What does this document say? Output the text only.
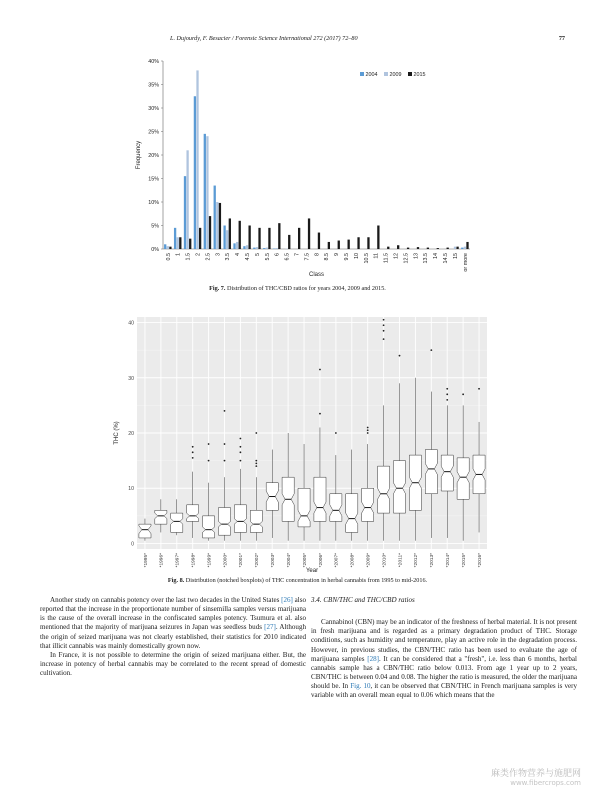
L. Dujourdy, F. Besacier / Forensic Science International 272 (2017) 72–80	77
0%
5%
10%
15%
20%
25%
30%
35%
40%
0.5 1 1.5 2 2.5 3 3.5 4 4.5 5 5.5 6 6.5 7 7.5 8 8.5 9 9.5 10 10.5 11 11.5 12 12.5 13 13.5 14 14.5 15 or more
Class
Frequency
2004 2009 2015
Fig. 7. Distribution of THC/CBD ratios for years 2004, 2009 and 2015.
0
10
20
30
40
*1995* *1996* *1997* *1998* *1999* *2000* *2001* *2002* *2003* *2004* *2005* *2006* *2007* *2008* *2009* *2010* *2011* *2012* *2013* *2014* *2015* *2016*
Year
THC (%)
Fig. 8. Distribution (notched boxplots) of THC concentration in herbal cannabis from 1995 to mid-2016.

Another study on cannabis potency over the last two decades in the United States [26] also reported that the increase in the proportionate number of sinsemilla samples versus marijuana is the cause of the overall increase in the confiscated samples potency. Tsumura et al. also mentioned that the majority of marijuana seizures in Japan was seedless buds [27]. Although the origin of seized marijuana was not clearly established, their statistics for 2010 indicated that illicit cannabis was mainly domestically grown now.

In France, it is not possible to determine the origin of seized marijuana either. But, the increase in potency of herbal cannabis may be correlated to the recent spread of domestic cultivation.

3.4. CBN/THC and THC/CBD ratios

Cannabinol (CBN) may be an indicator of the freshness of herbal material. It is not present in fresh marijuana and is regarded as a primary degradation product of THC. Storage conditions, such as humidity and temperature, play an active role in the degradation process. However, in previous studies, the CBN/THC ratio has been used to evaluate the age of marijuana samples [28]. It can be considered that a "fresh", i.e. less than 6 months, herbal cannabis sample has a CBN/THC ratio below 0.013. From age 1 year up to 2 years, CBN/THC is between 0.04 and 0.08. The higher the ratio is measured, the older the marijuana should be. In Fig. 10, it can be observed that CBN/THC in French marijuana samples is very variable with an overall mean equal to 0.06 which means that the

麻类作物营养与施肥网
www.fibercrops.com
